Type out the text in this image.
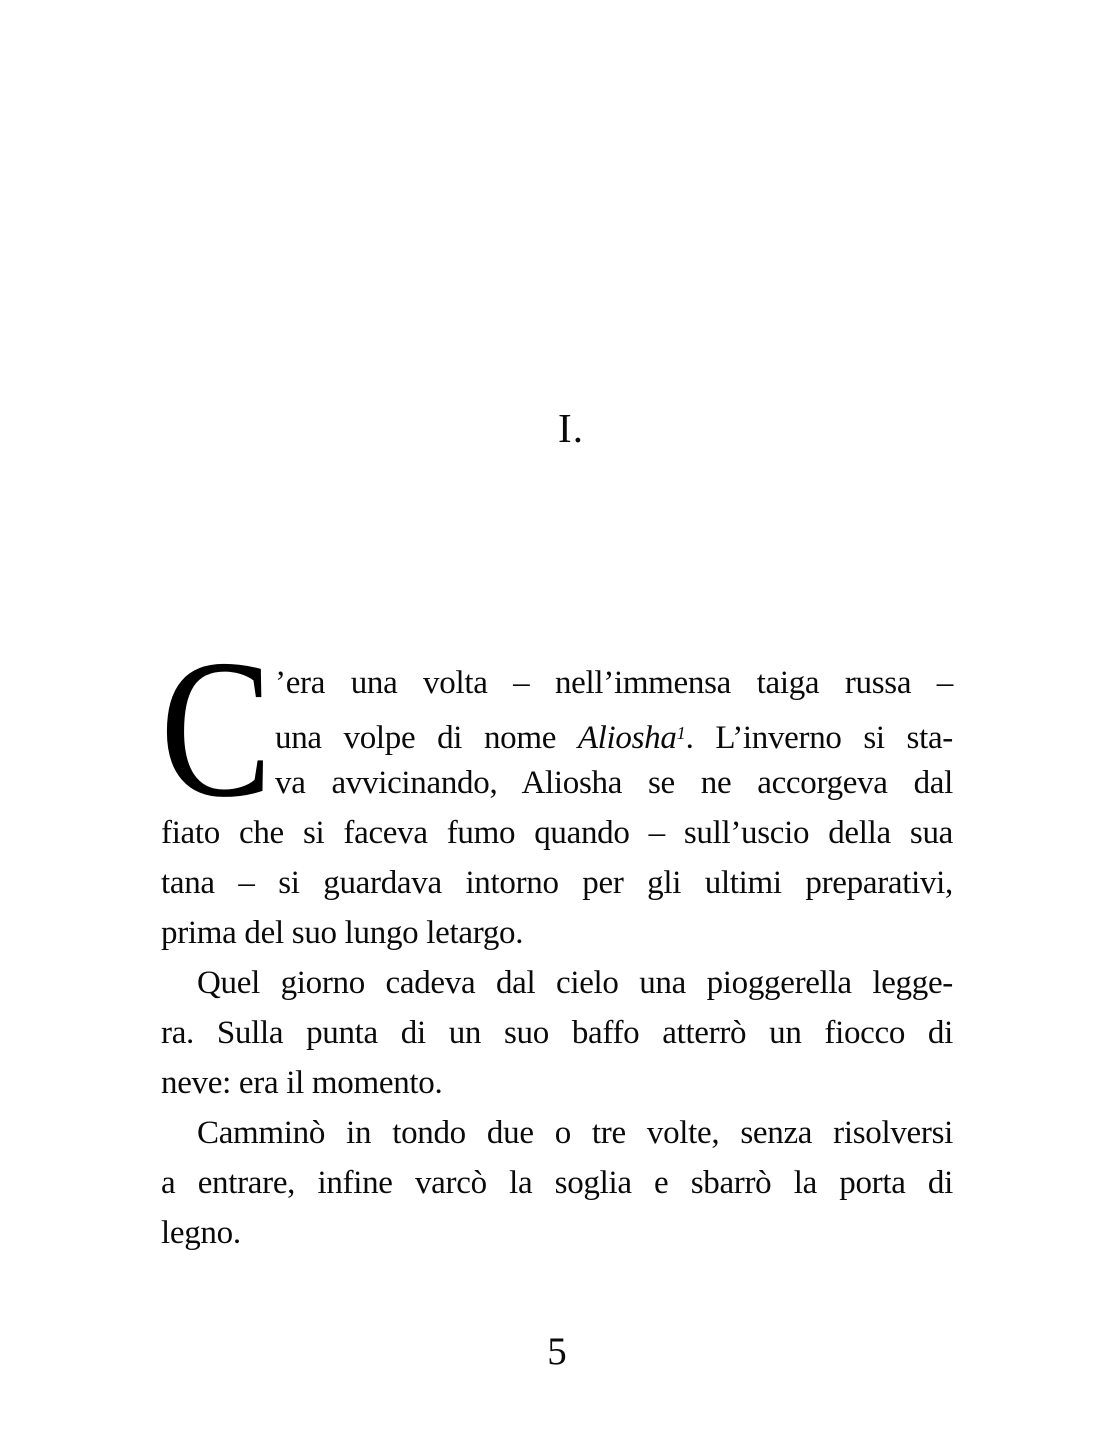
I.
C ’era una volta – nell’immensa taiga russa –
una volpe di nome Aliosha$^1$. L’inverno si sta-
va avvicinando, Aliosha se ne accorgeva dal
fiato che si faceva fumo quando – sull’uscio della sua
tana – si guardava intorno per gli ultimi preparativi,
prima del suo lungo letargo.
Quel giorno cadeva dal cielo una pioggerella legge-
ra. Sulla punta di un suo baffo atterrò un fiocco di
neve: era il momento.
Camminò in tondo due o tre volte, senza risolversi
a entrare, infine varcò la soglia e sbarrò la porta di
legno.
5
